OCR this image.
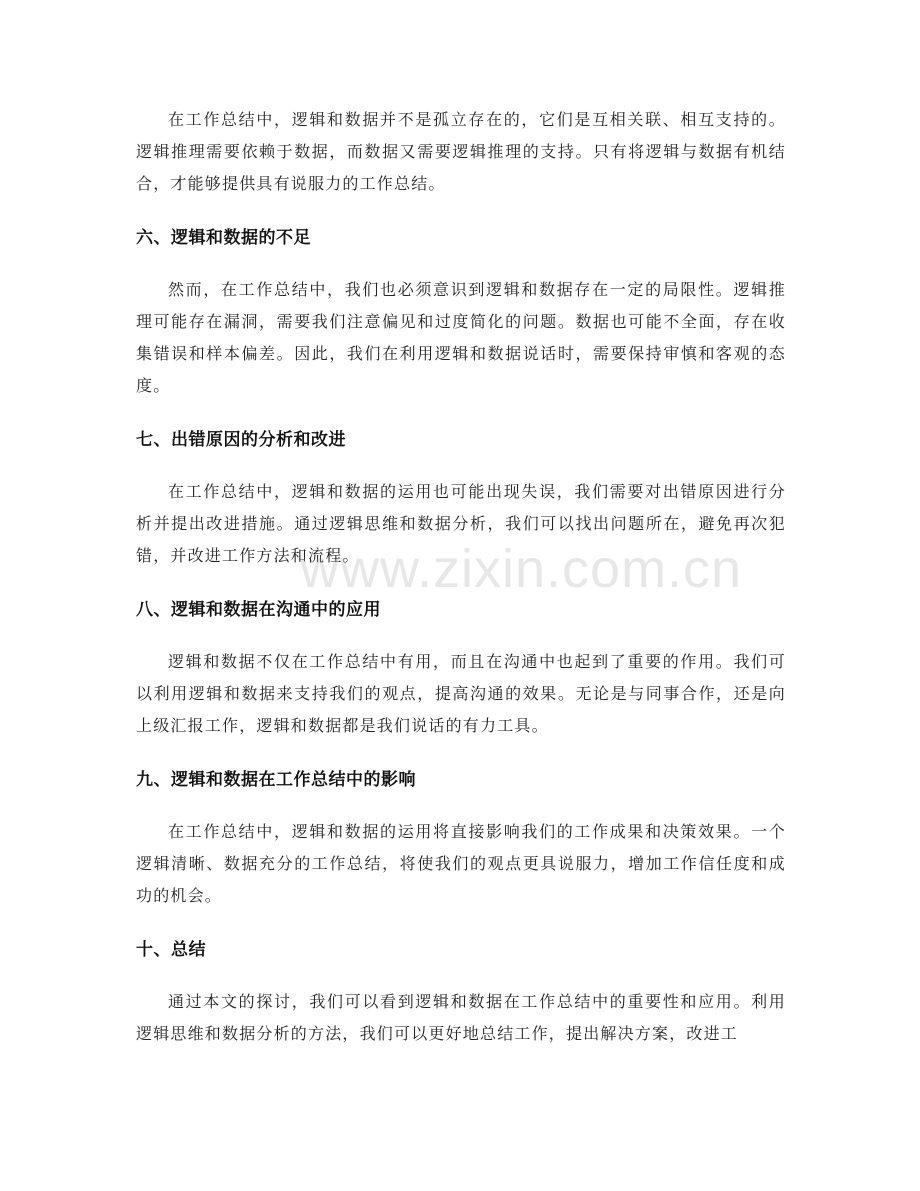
在工作总结中，逻辑和数据并不是孤立存在的，它们是互相关联、相互支持的。逻辑推理需要依赖于数据，而数据又需要逻辑推理的支持。只有将逻辑与数据有机结合，才能够提供具有说服力的工作总结。

六、逻辑和数据的不足

然而，在工作总结中，我们也必须意识到逻辑和数据存在一定的局限性。逻辑推理可能存在漏洞，需要我们注意偏见和过度简化的问题。数据也可能不全面，存在收集错误和样本偏差。因此，我们在利用逻辑和数据说话时，需要保持审慎和客观的态度。

七、出错原因的分析和改进

在工作总结中，逻辑和数据的运用也可能出现失误，我们需要对出错原因进行分析并提出改进措施。通过逻辑思维和数据分析，我们可以找出问题所在，避免再次犯错，并改进工作方法和流程。

八、逻辑和数据在沟通中的应用

逻辑和数据不仅在工作总结中有用，而且在沟通中也起到了重要的作用。我们可以利用逻辑和数据来支持我们的观点，提高沟通的效果。无论是与同事合作，还是向上级汇报工作，逻辑和数据都是我们说话的有力工具。

九、逻辑和数据在工作总结中的影响

在工作总结中，逻辑和数据的运用将直接影响我们的工作成果和决策效果。一个逻辑清晰、数据充分的工作总结，将使我们的观点更具说服力，增加工作信任度和成功的机会。

十、总结

通过本文的探讨，我们可以看到逻辑和数据在工作总结中的重要性和应用。利用逻辑思维和数据分析的方法，我们可以更好地总结工作，提出解决方案，改进工

www.zixin.com.cn
